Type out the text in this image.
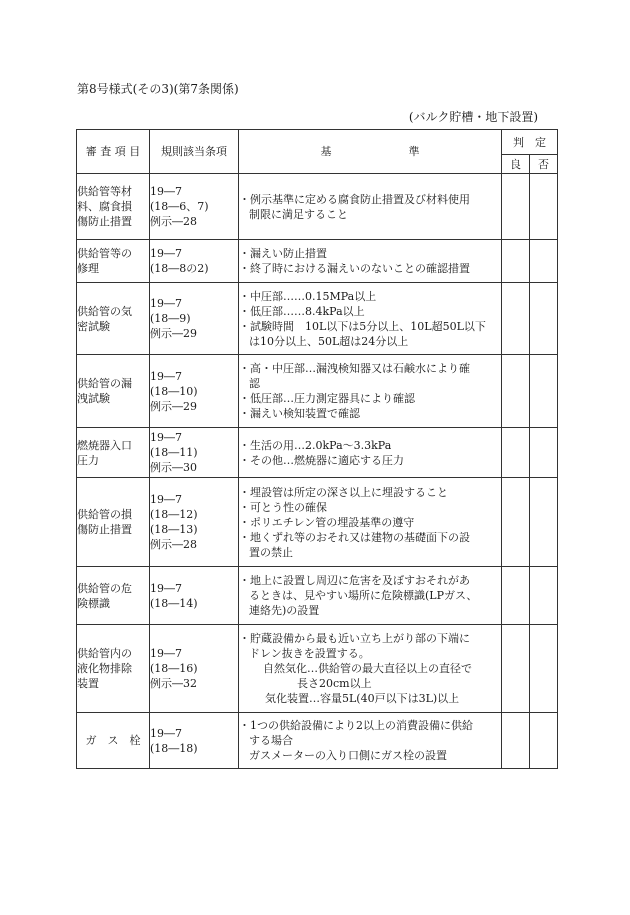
第8号様式(その3)(第7条関係)
(バルク貯槽・地下設置)
審 査 項 目	規則該当条項	基　　　　　　　準	判　定	
			良	否

供給管等材
料、腐食損
傷防止措置	19―7
(18―6、7)
例示―28	・例示基準に定める腐食防止措置及び材料使用
制限に満足すること		

供給管等の
修理	19―7
(18―8の2)	・漏えい防止措置
・終了時における漏えいのないことの確認措置		

供給管の気
密試験	19―7
(18―9)
例示―29	・中圧部……0.15MPa以上
・低圧部……8.4kPa以上
・試験時間　10L以下は5分以上、10L超50L以下
は10分以上、50L超は24分以上		

供給管の漏
洩試験	19―7
(18―10)
例示―29	・高・中圧部…漏洩検知器又は石鹸水により確
認
・低圧部…圧力測定器具により確認
・漏えい検知装置で確認		

燃焼器入口
圧力	19―7
(18―11)
例示―30	・生活の用…2.0kPa～3.3kPa
・その他…燃焼器に適応する圧力		

供給管の損
傷防止措置	19―7
(18―12)
(18―13)
例示―28	・埋設管は所定の深さ以上に埋設すること
・可とう性の確保
・ポリエチレン管の埋設基準の遵守
・地くずれ等のおそれ又は建物の基礎面下の設
置の禁止		

供給管の危
険標識	19―7
(18―14)	・地上に設置し周辺に危害を及ぼすおそれがあ
るときは、見やすい場所に危険標識(LPガス、
連絡先)の設置		

供給管内の
液化物排除
装置	19―7
(18―16)
例示―32	・貯蔵設備から最も近い立ち上がり部の下端に
ドレン抜きを設置する。
自然気化…供給管の最大直径以上の直径で
長さ20cm以上
気化装置…容量5L(40戸以下は3L)以上		

ガ　ス　栓	19―7
(18―18)	・1つの供給設備により2以上の消費設備に供給
する場合
ガスメーターの入り口側にガス栓の設置		
